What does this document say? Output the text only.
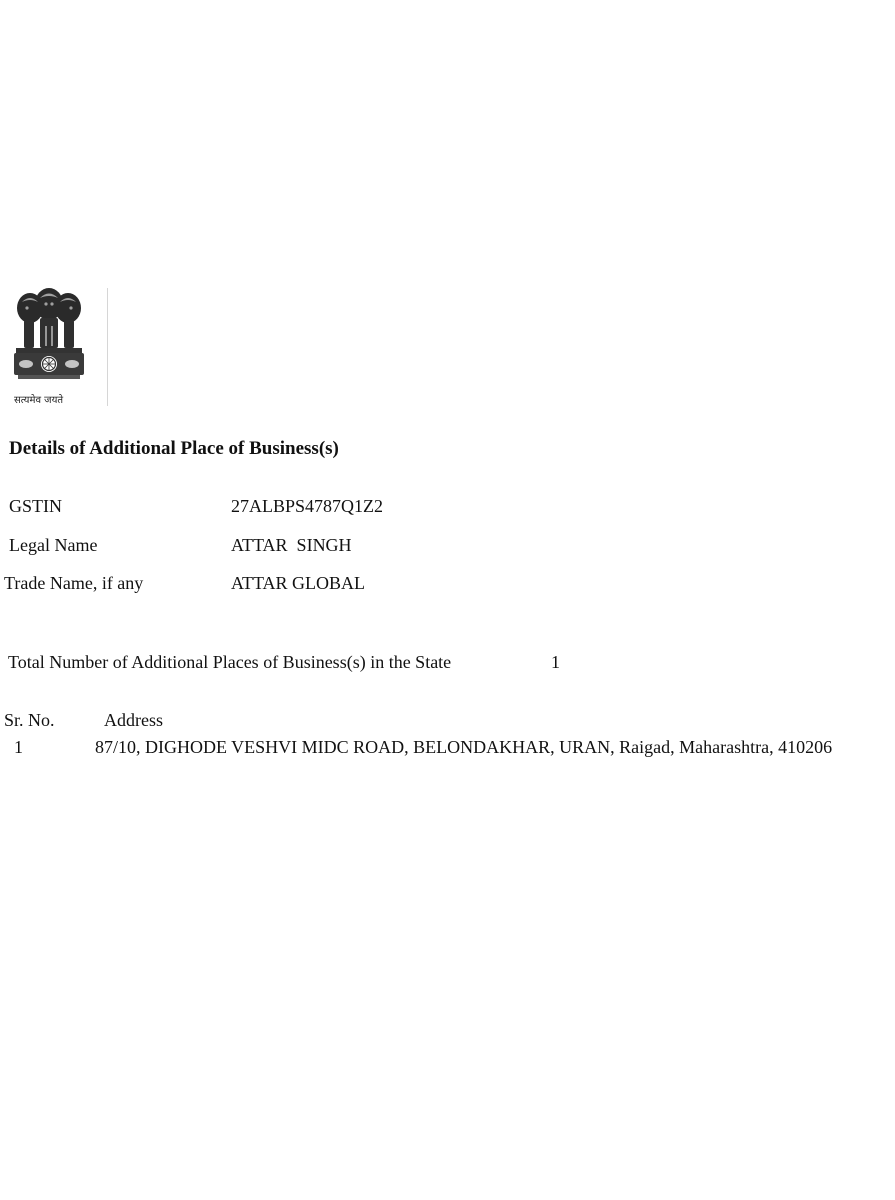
सत्यमेव जयते
Details of Additional Place of Business(s)
GSTIN	27ALBPS4787Q1Z2
Legal Name	ATTAR  SINGH
Trade Name, if any	ATTAR GLOBAL
Total Number of Additional Places of Business(s) in the State	1
Sr. No.	Address
1	87/10, DIGHODE VESHVI MIDC ROAD, BELONDAKHAR, URAN, Raigad, Maharashtra, 410206
